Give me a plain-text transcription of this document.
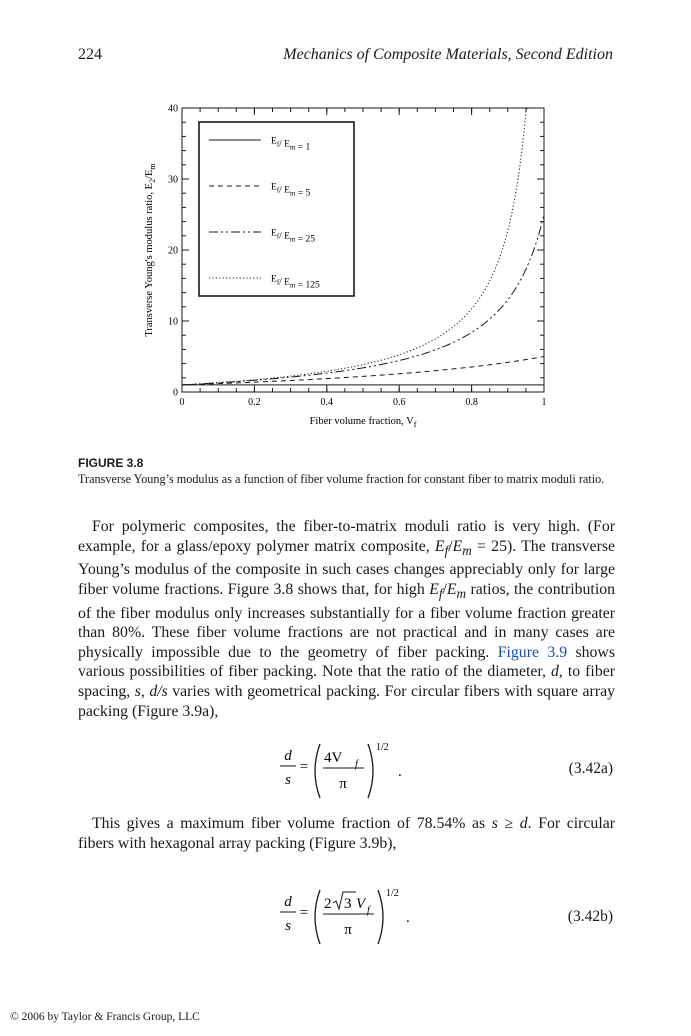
224	Mechanics of Composite Materials, Second Edition
0	0.2	0.4	0.6	0.8	1
0
10
20
30
40
$E_f/$ $E_m = 1$
$E_f/$ $E_m = 5$
$E_f/$ $E_m = 25$
$E_f/$ $E_m = 125$
Fiber volume fraction, $V_f$
Transverse Young's modulus ratio, $E_2/E_m$
FIGURE 3.8
Transverse Young’s modulus as a function of fiber volume fraction for constant fiber to matrix moduli ratio.
For polymeric composites, the fiber-to-matrix moduli ratio is very high. (For example, for a glass/epoxy polymer matrix composite, $E_f/E_m = 25$). The transverse Young’s modulus of the composite in such cases changes appreciably only for large fiber volume fractions. Figure 3.8 shows that, for high $E_f/E_m$ ratios, the contribution of the fiber modulus only increases substantially for a fiber volume fraction greater than 80%. These fiber volume fractions are not practical and in many cases are physically impossible due to the geometry of fiber packing. Figure 3.9 shows various possibilities of fiber packing. Note that the ratio of the diameter, d, to fiber spacing, s, d/s varies with geometrical packing. For circular fibers with square array packing (Figure 3.9a),
d
s
=
4V f
π
1/2
.	(3.42a)
This gives a maximum fiber volume fraction of 78.54% as s ≥ d. For circular fibers with hexagonal array packing (Figure 3.9b),
d
s
=
2 3 V f
π
1/2
.	(3.42b)
© 2006 by Taylor & Francis Group, LLC
